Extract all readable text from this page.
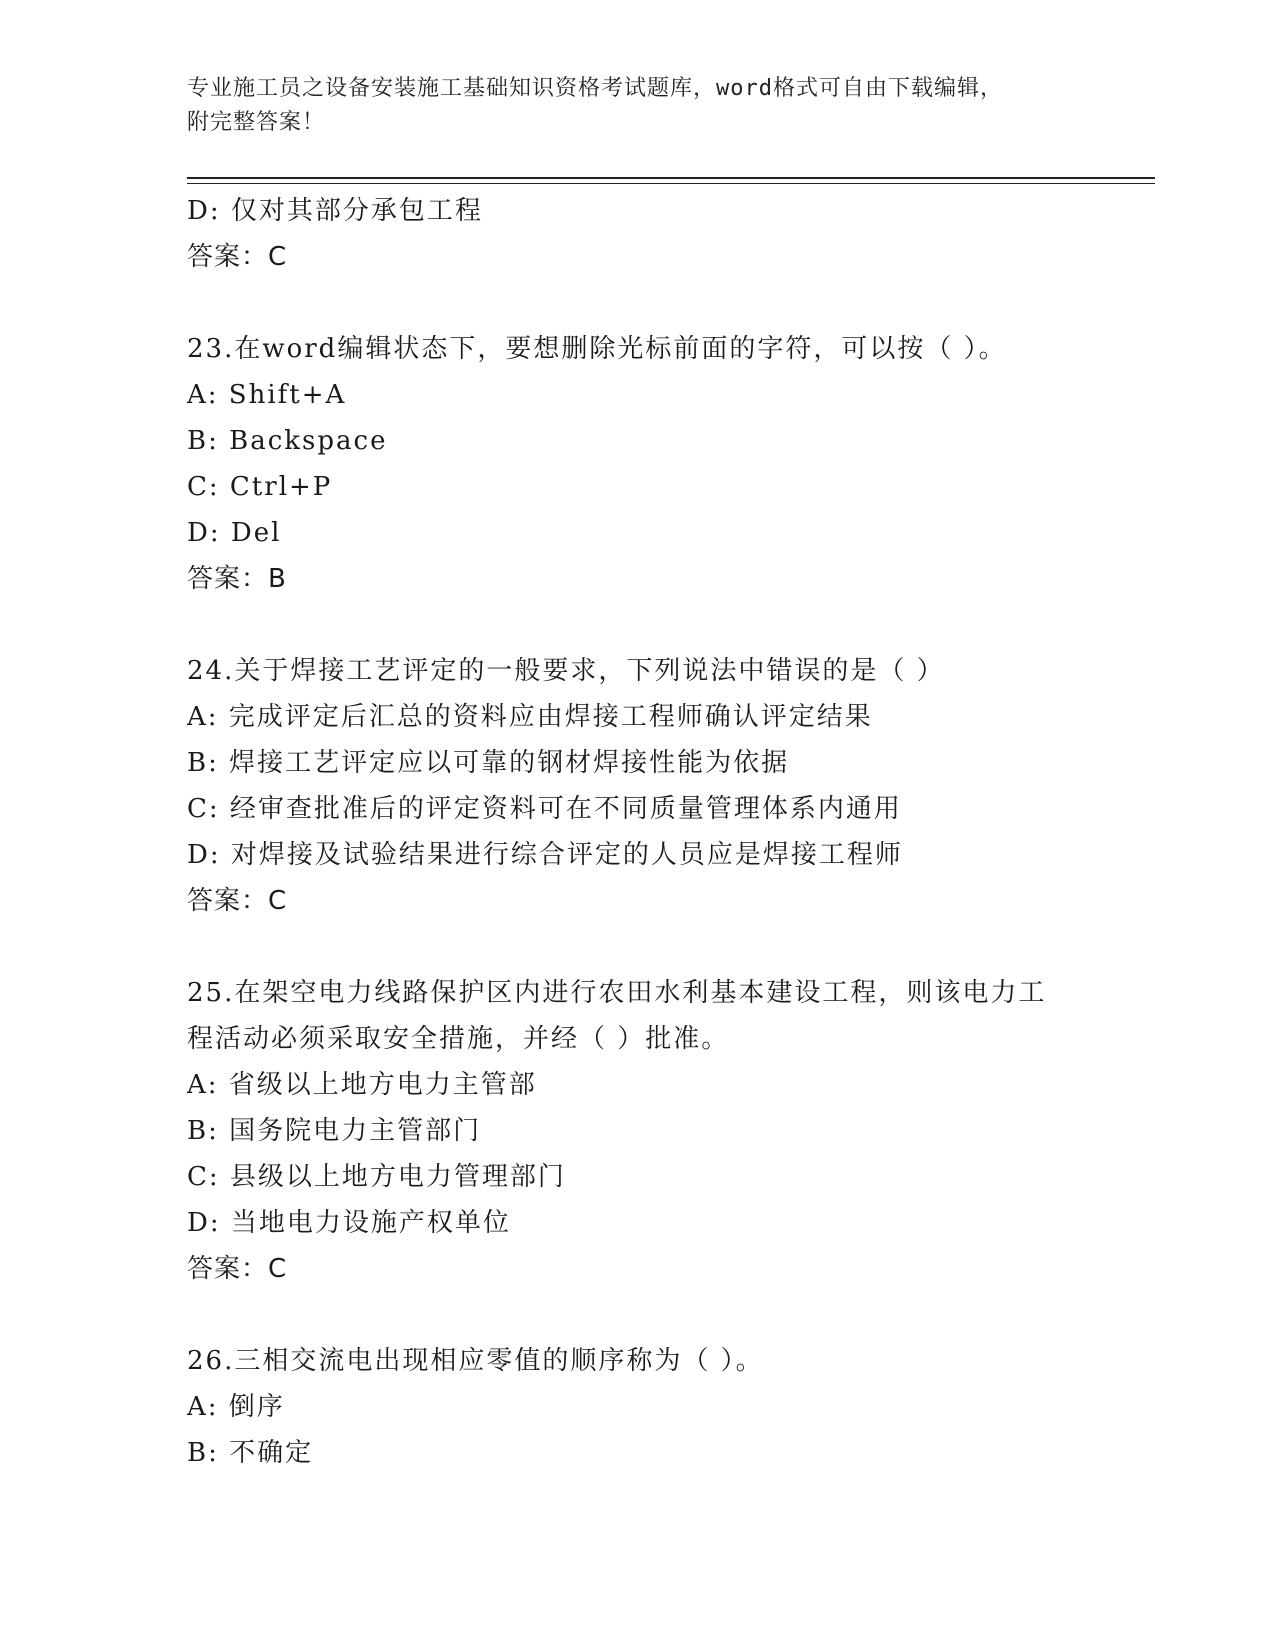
专业施工员之设备安装施工基础知识资格考试题库，word格式可自由下载编辑，
附完整答案！
D: 仅对其部分承包工程
答案：C
23.在word编辑状态下，要想删除光标前面的字符，可以按（ ）。
A: Shift+A
B: Backspace
C: Ctrl+P
D: Del
答案：B
24.关于焊接工艺评定的一般要求，下列说法中错误的是（ ）
A: 完成评定后汇总的资料应由焊接工程师确认评定结果
B: 焊接工艺评定应以可靠的钢材焊接性能为依据
C: 经审查批准后的评定资料可在不同质量管理体系内通用
D: 对焊接及试验结果进行综合评定的人员应是焊接工程师
答案：C
25.在架空电力线路保护区内进行农田水利基本建设工程，则该电力工
程活动必须采取安全措施，并经（ ）批准。
A: 省级以上地方电力主管部
B: 国务院电力主管部门
C: 县级以上地方电力管理部门
D: 当地电力设施产权单位
答案：C
26.三相交流电出现相应零值的顺序称为（ ）。
A: 倒序
B: 不确定
